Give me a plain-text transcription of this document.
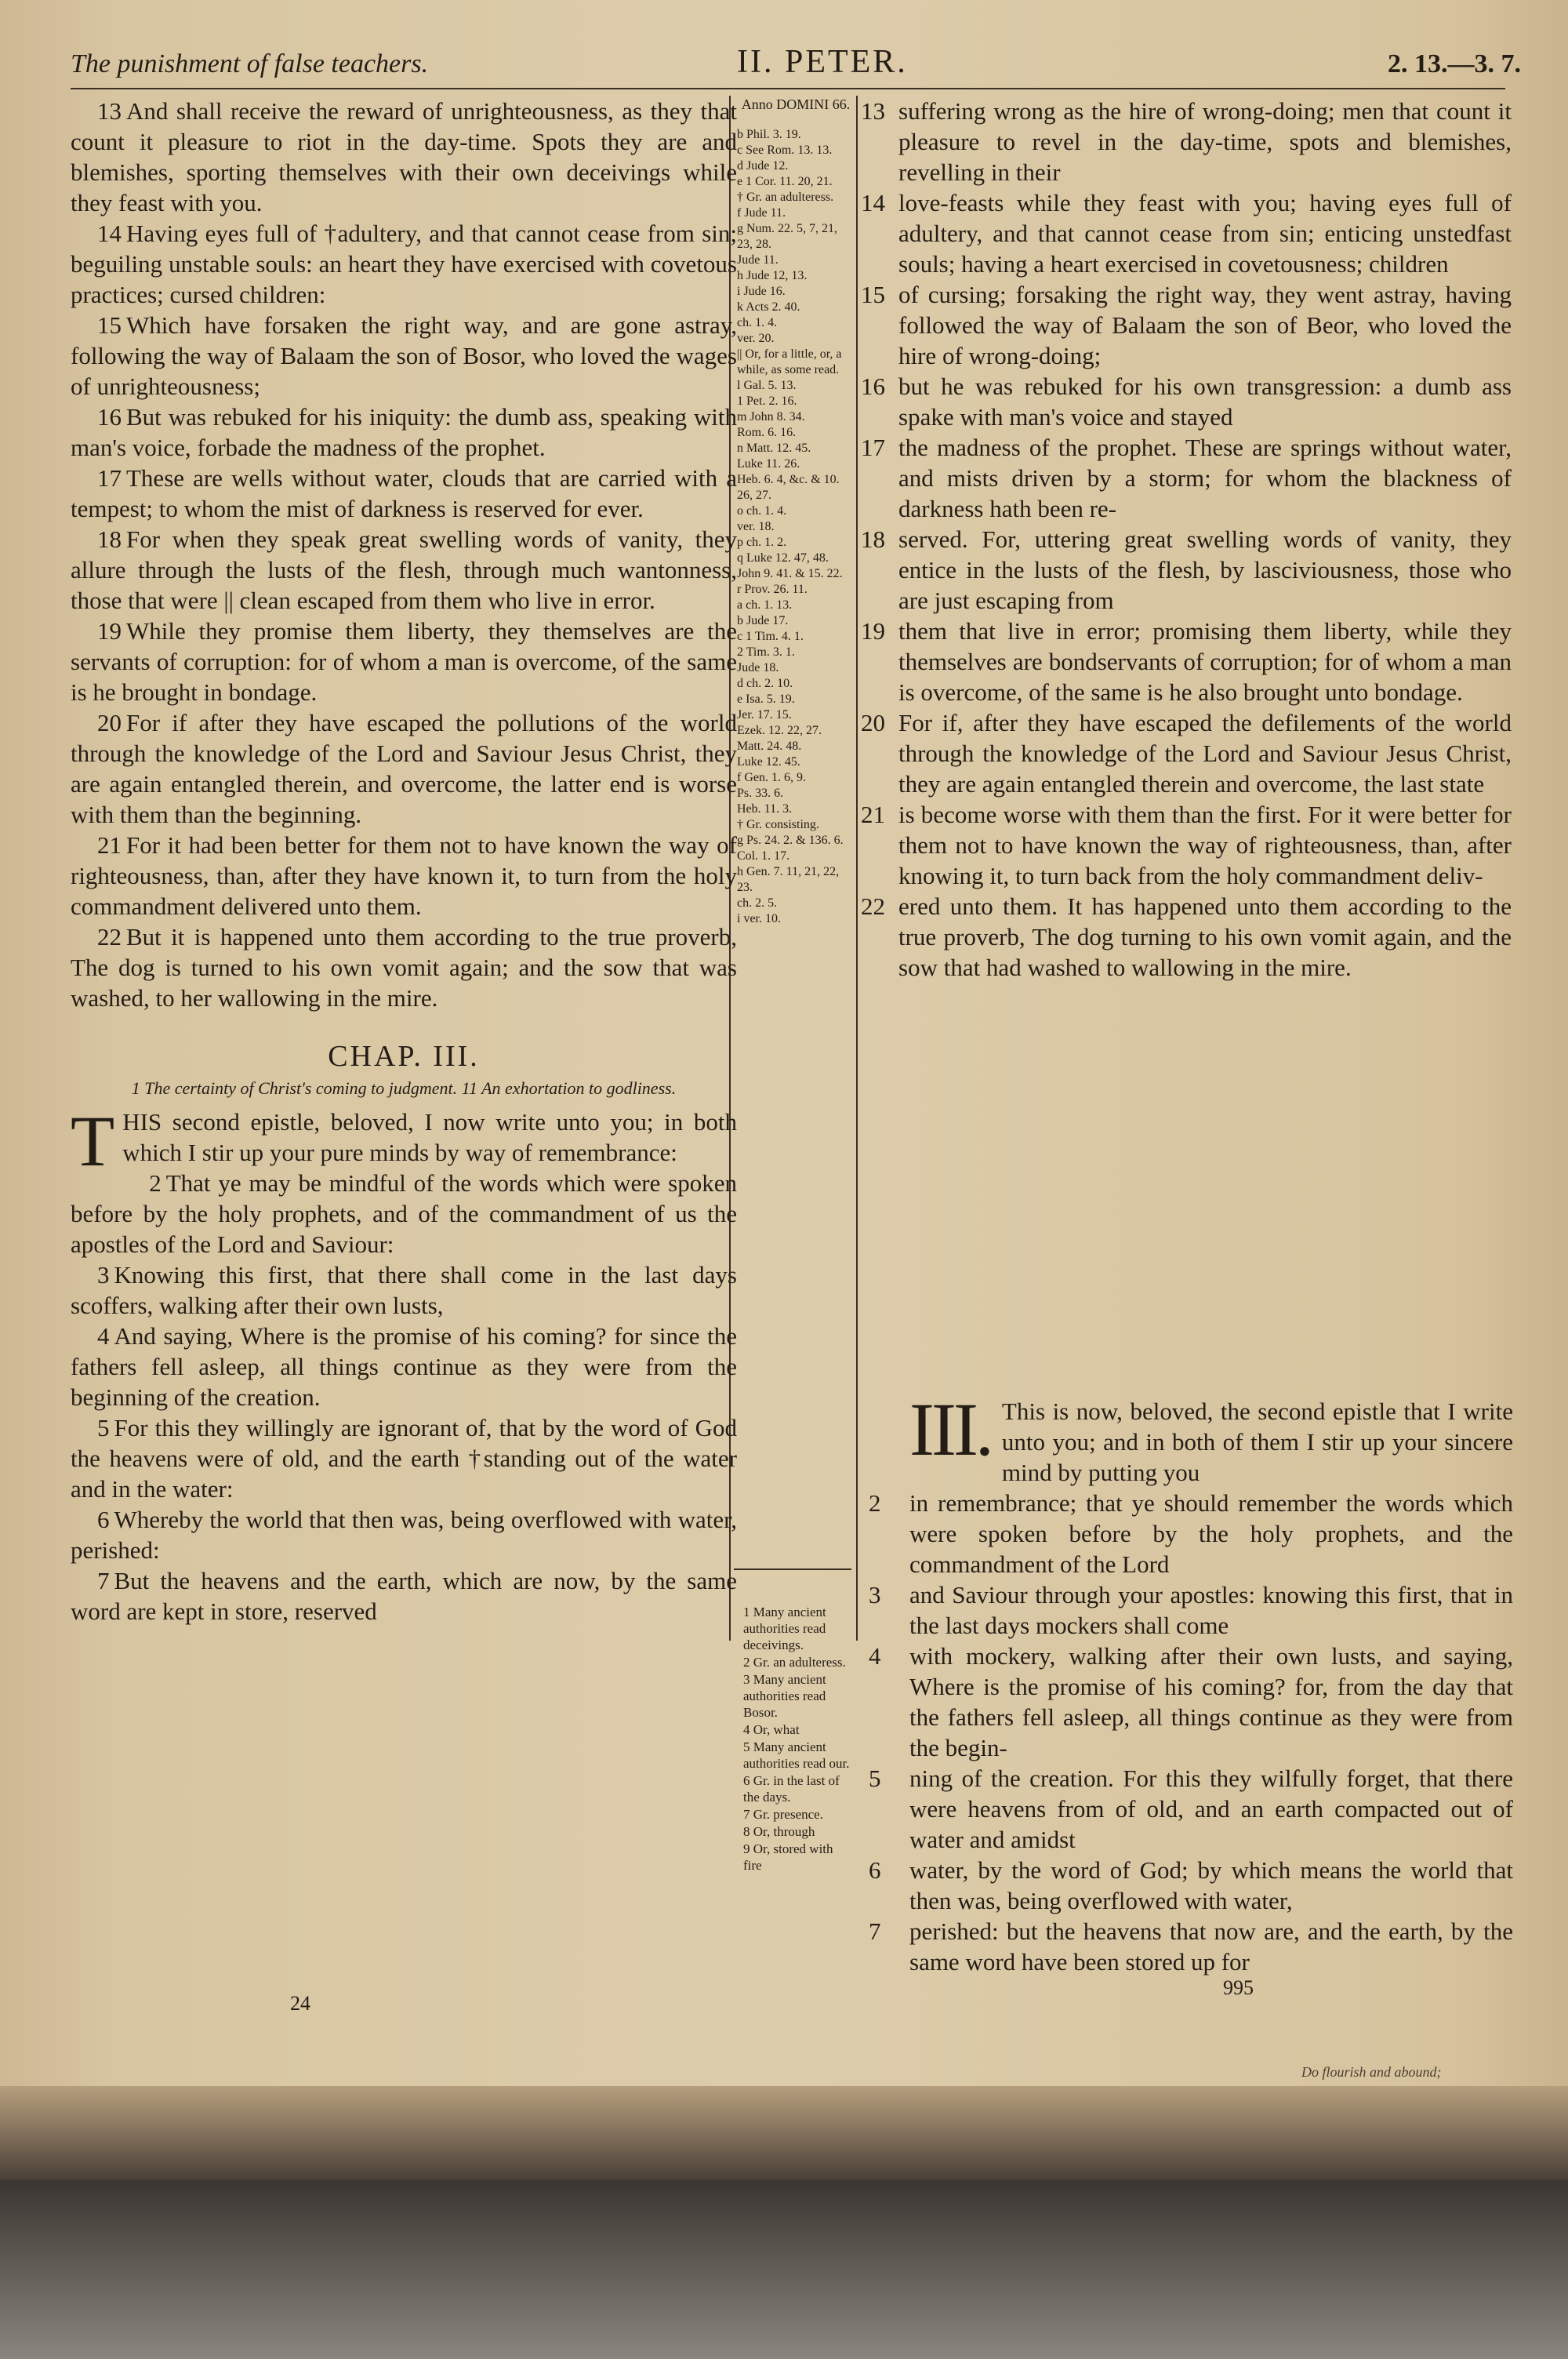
The punishment of false teachers.	II. PETER.	2. 13.—3. 7.

13 And shall receive the reward of unrighteousness, as they that count it pleasure to riot in the day-time. Spots they are and blemishes, sporting themselves with their own deceivings while they feast with you.

14 Having eyes full of †adultery, and that cannot cease from sin; beguiling unstable souls: an heart they have exercised with covetous practices; cursed children:

15 Which have forsaken the right way, and are gone astray, following the way of Balaam the son of Bosor, who loved the wages of unrighteousness;

16 But was rebuked for his iniquity: the dumb ass, speaking with man's voice, forbade the madness of the prophet.

17 These are wells without water, clouds that are carried with a tempest; to whom the mist of darkness is reserved for ever.

18 For when they speak great swelling words of vanity, they allure through the lusts of the flesh, through much wantonness, those that were || clean escaped from them who live in error.

19 While they promise them liberty, they themselves are the servants of corruption: for of whom a man is overcome, of the same is he brought in bondage.

20 For if after they have escaped the pollutions of the world through the knowledge of the Lord and Saviour Jesus Christ, they are again entangled therein, and overcome, the latter end is worse with them than the beginning.

21 For it had been better for them not to have known the way of righteousness, than, after they have known it, to turn from the holy commandment delivered unto them.

22 But it is happened unto them according to the true proverb, The dog is turned to his own vomit again; and the sow that was washed, to her wallowing in the mire.

CHAP. III.

1 The certainty of Christ's coming to judgment. 11 An exhortation to godliness.

THIS second epistle, beloved, I now write unto you; in both which I stir up your pure minds by way of remembrance:

2 That ye may be mindful of the words which were spoken before by the holy prophets, and of the commandment of us the apostles of the Lord and Saviour:

3 Knowing this first, that there shall come in the last days scoffers, walking after their own lusts,

4 And saying, Where is the promise of his coming? for since the fathers fell asleep, all things continue as they were from the beginning of the creation.

5 For this they willingly are ignorant of, that by the word of God the heavens were of old, and the earth †standing out of the water and in the water:

6 Whereby the world that then was, being overflowed with water, perished:

7 But the heavens and the earth, which are now, by the same word are kept in store, reserved

24
Anno DOMINI 66.
b Phil. 3. 19.
c See Rom. 13. 13.
d Jude 12.
e 1 Cor. 11. 20, 21.
† Gr. an adulteress.
f Jude 11.
g Num. 22. 5, 7, 21, 23, 28.
Jude 11.
h Jude 12, 13.
i Jude 16.
k Acts 2. 40.
ch. 1. 4.
ver. 20.
|| Or, for a little, or, a while, as some read.
l Gal. 5. 13.
1 Pet. 2. 16.
m John 8. 34.
Rom. 6. 16.
n Matt. 12. 45.
Luke 11. 26.
Heb. 6. 4, &c. & 10. 26, 27.
o ch. 1. 4.
ver. 18.
p ch. 1. 2.
q Luke 12. 47, 48.
John 9. 41. & 15. 22.
r Prov. 26. 11.
a ch. 1. 13.
b Jude 17.
c 1 Tim. 4. 1.
2 Tim. 3. 1.
Jude 18.
d ch. 2. 10.
e Isa. 5. 19.
Jer. 17. 15.
Ezek. 12. 22, 27.
Matt. 24. 48.
Luke 12. 45.
f Gen. 1. 6, 9.
Ps. 33. 6.
Heb. 11. 3.
† Gr. consisting.
g Ps. 24. 2. & 136. 6.
Col. 1. 17.
h Gen. 7. 11, 21, 22, 23.
ch. 2. 5.
i ver. 10.
1 Many ancient authorities read deceivings.
2 Gr. an adulteress.
3 Many ancient authorities read Bosor.
4 Or, what
5 Many ancient authorities read our.
6 Gr. in the last of the days.
7 Gr. presence.
8 Or, through
9 Or, stored with fire

13 suffering wrong as the hire of wrong-doing; men that count it pleasure to revel in the day-time, spots and blemishes, revelling in their

14 love-feasts while they feast with you; having eyes full of adultery, and that cannot cease from sin; enticing unstedfast souls; having a heart exercised in covetousness; children

15 of cursing; forsaking the right way, they went astray, having followed the way of Balaam the son of Beor, who loved the hire of wrong-doing;

16 but he was rebuked for his own transgression: a dumb ass spake with man's voice and stayed

17 the madness of the prophet. These are springs without water, and mists driven by a storm; for whom the blackness of darkness hath been re-

18 served. For, uttering great swelling words of vanity, they entice in the lusts of the flesh, by lasciviousness, those who are just escaping from

19 them that live in error; promising them liberty, while they themselves are bondservants of corruption; for of whom a man is overcome, of the same is he also brought unto bondage.

20 For if, after they have escaped the defilements of the world through the knowledge of the Lord and Saviour Jesus Christ, they are again entangled therein and overcome, the last state

21 is become worse with them than the first. For it were better for them not to have known the way of righteousness, than, after knowing it, to turn back from the holy commandment deliv-

22 ered unto them. It has happened unto them according to the true proverb, The dog turning to his own vomit again, and the sow that had washed to wallowing in the mire.

III. This is now, beloved, the second epistle that I write unto you; and in both of them I stir up your sincere mind by putting you

2 in remembrance; that ye should remember the words which were spoken before by the holy prophets, and the commandment of the Lord

3 and Saviour through your apostles: knowing this first, that in the last days mockers shall come

4 with mockery, walking after their own lusts, and saying, Where is the promise of his coming? for, from the day that the fathers fell asleep, all things continue as they were from the begin-

5 ning of the creation. For this they wilfully forget, that there were heavens from of old, and an earth compacted out of water and amidst

6 water, by the word of God; by which means the world that then was, being overflowed with water,

7 perished: but the heavens that now are, and the earth, by the same word have been stored up for

995
Do flourish and abound;
